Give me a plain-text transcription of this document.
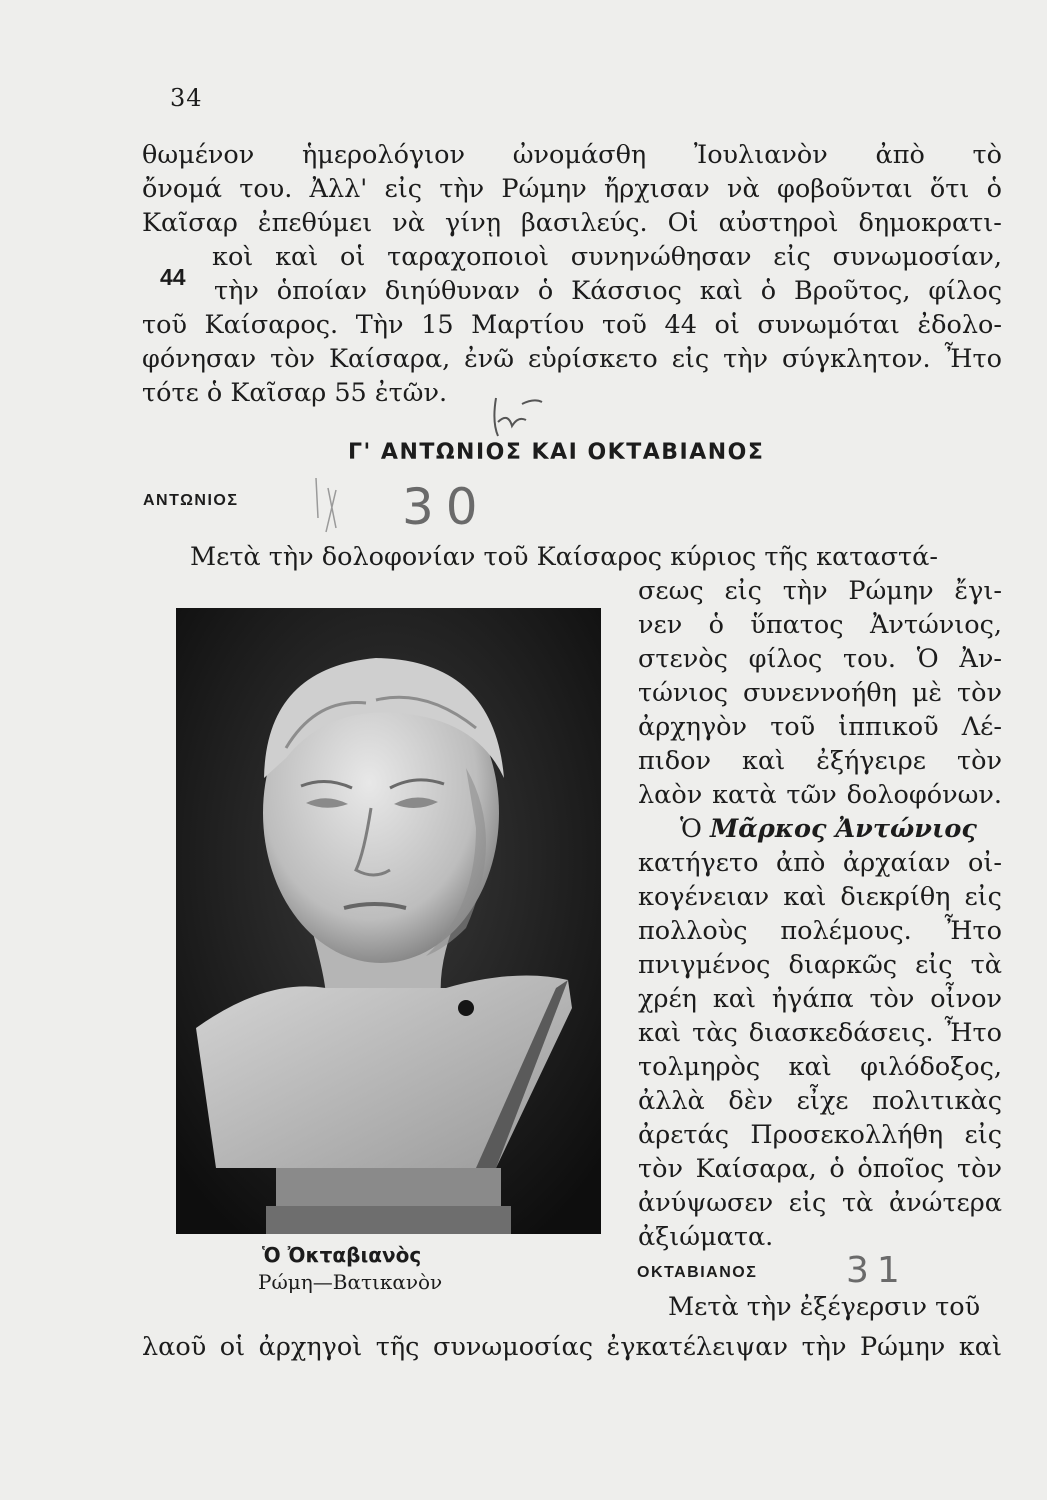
34
θωμένον ἡμερολόγιον ὠνομάσθη Ἰουλιανὸν ἀπὸ τὸ
ὄνομά του. Ἀλλ' εἰς τὴν Ρώμην ἤρχισαν νὰ φοβοῦνται ὅτι ὁ
Καῖσαρ ἐπεθύμει νὰ γίνῃ βασιλεύς. Οἱ αὐστηροὶ δημοκρατι-
κοὶ καὶ οἱ ταραχοποιοὶ συνηνώθησαν εἰς συνωμοσίαν,
44 τὴν ὁποίαν διηύθυναν ὁ Κάσσιος καὶ ὁ Βροῦτος, φίλος
τοῦ Καίσαρος. Τὴν 15 Μαρτίου τοῦ 44 οἱ συνωμόται ἐδολο-
φόνησαν τὸν Καίσαρα, ἐνῶ εὑρίσκετο εἰς τὴν σύγκλητον. Ἦτο
τότε ὁ Καῖσαρ 55 ἐτῶν.
Γ' ΑΝΤΩΝΙΟΣ ΚΑΙ ΟΚΤΑΒΙΑΝΟΣ
ΑΝΤΩΝΙΟΣ	30
Μετὰ τὴν δολοφονίαν τοῦ Καίσαρος κύριος τῆς καταστά-
σεως εἰς τὴν Ρώμην ἔγι-
νεν ὁ ὕπατος Ἀντώνιος,
στενὸς φίλος του. Ὁ Ἀν-
τώνιος συνεννοήθη μὲ τὸν
ἀρχηγὸν τοῦ ἱππικοῦ Λέ-
πιδον καὶ ἐξήγειρε τὸν
λαὸν κατὰ τῶν δολοφόνων.
Ὁ Μᾶρκος Ἀντώνιος
κατήγετο ἀπὸ ἀρχαίαν οἰ-
κογένειαν καὶ διεκρίθη εἰς
πολλοὺς πολέμους. Ἦτο
πνιγμένος διαρκῶς εἰς τὰ
χρέη καὶ ἠγάπα τὸν οἶνον
καὶ τὰς διασκεδάσεις. Ἦτο
τολμηρὸς καὶ φιλόδοξος,
ἀλλὰ δὲν εἶχε πολιτικὰς
ἀρετάς Προσεκολλήθη εἰς
τὸν Καίσαρα, ὁ ὁποῖος τὸν
ἀνύψωσεν εἰς τὰ ἀνώτερα
ἀξιώματα.
Ὁ Ὀκταβιανὸς
Ρώμη—Βατικανὸν	ΟΚΤΑΒΙΑΝΟΣ 31
Μετὰ τὴν ἐξέγερσιν τοῦ
λαοῦ οἱ ἀρχηγοὶ τῆς συνωμοσίας ἐγκατέλειψαν τὴν Ρώμην καὶ
